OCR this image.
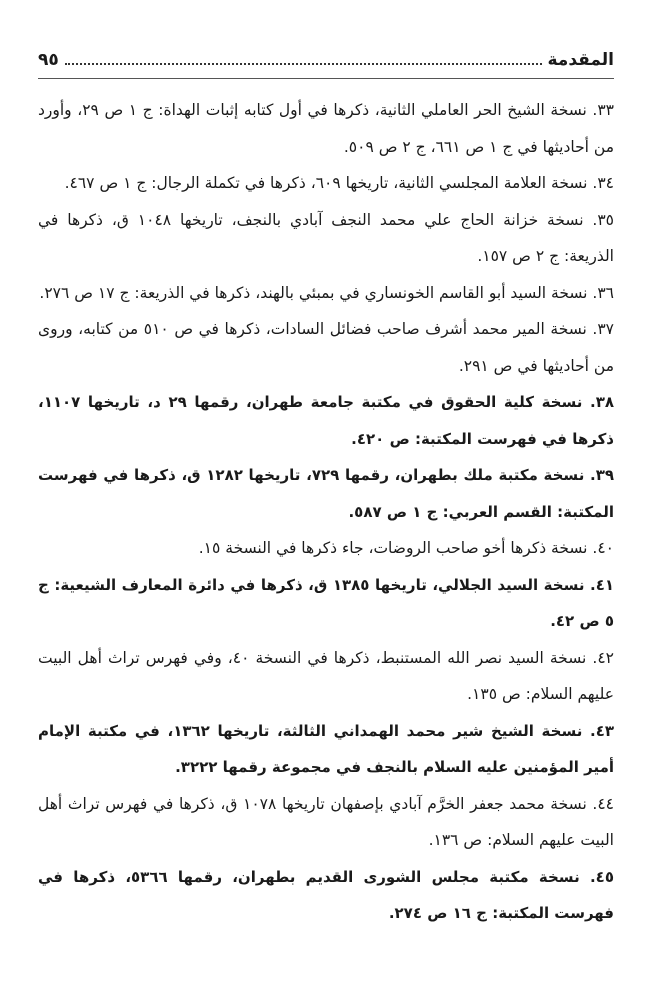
المقدمة
٩٥

٣٣. نسخة الشيخ الحر العاملي الثانية، ذكرها في أول كتابه إثبات الهداة: ج ١ ص ٢٩، وأورد من أحاديثها في ج ١ ص ٦٦١، ج ٢ ص ٥٠٩.

٣٤. نسخة العلامة المجلسي الثانية، تاريخها ٦٠٩، ذكرها في تكملة الرجال: ج ١ ص ٤٦٧.

٣٥. نسخة خزانة الحاج علي محمد النجف آبادي بالنجف، تاريخها ١٠٤٨ ق، ذكرها في الذريعة: ج ٢ ص ١٥٧.

٣٦. نسخة السيد أبو القاسم الخونساري في بمبئي بالهند، ذكرها في الذريعة: ج ١٧ ص ٢٧٦.

٣٧. نسخة المير محمد أشرف صاحب فضائل السادات، ذكرها في ص ٥١٠ من كتابه، وروى من أحاديثها في ص ٢٩١.

٣٨. نسخة كلية الحقوق في مكتبة جامعة طهران، رقمها ٢٩ د، تاريخها ١١٠٧، ذكرها في فهرست المكتبة: ص ٤٢٠.

٣٩. نسخة مكتبة ملك بطهران، رقمها ٧٢٩، تاريخها ١٢٨٢ ق، ذكرها في فهرست المكتبة: القسم العربي: ج ١ ص ٥٨٧.

٤٠. نسخة ذكرها أخو صاحب الروضات، جاء ذكرها في النسخة ١٥.

٤١. نسخة السيد الجلالي، تاريخها ١٣٨٥ ق، ذكرها في دائرة المعارف الشيعية: ج ٥ ص ٤٢.

٤٢. نسخة السيد نصر الله المستنبط، ذكرها في النسخة ٤٠، وفي فهرس تراث أهل البيت عليهم السلام: ص ١٣٥.

٤٣. نسخة الشيخ شير محمد الهمداني الثالثة، تاريخها ١٣٦٢، في مكتبة الإمام أمير المؤمنين عليه السلام بالنجف في مجموعة رقمها ٣٢٢٢.

٤٤. نسخة محمد جعفر الخرَّم آبادي بإصفهان تاريخها ١٠٧٨ ق، ذكرها في فهرس تراث أهل البيت عليهم السلام: ص ١٣٦.

٤٥. نسخة مكتبة مجلس الشورى القديم بطهران، رقمها ٥٣٦٦، ذكرها في فهرست المكتبة: ج ١٦ ص ٢٧٤.
